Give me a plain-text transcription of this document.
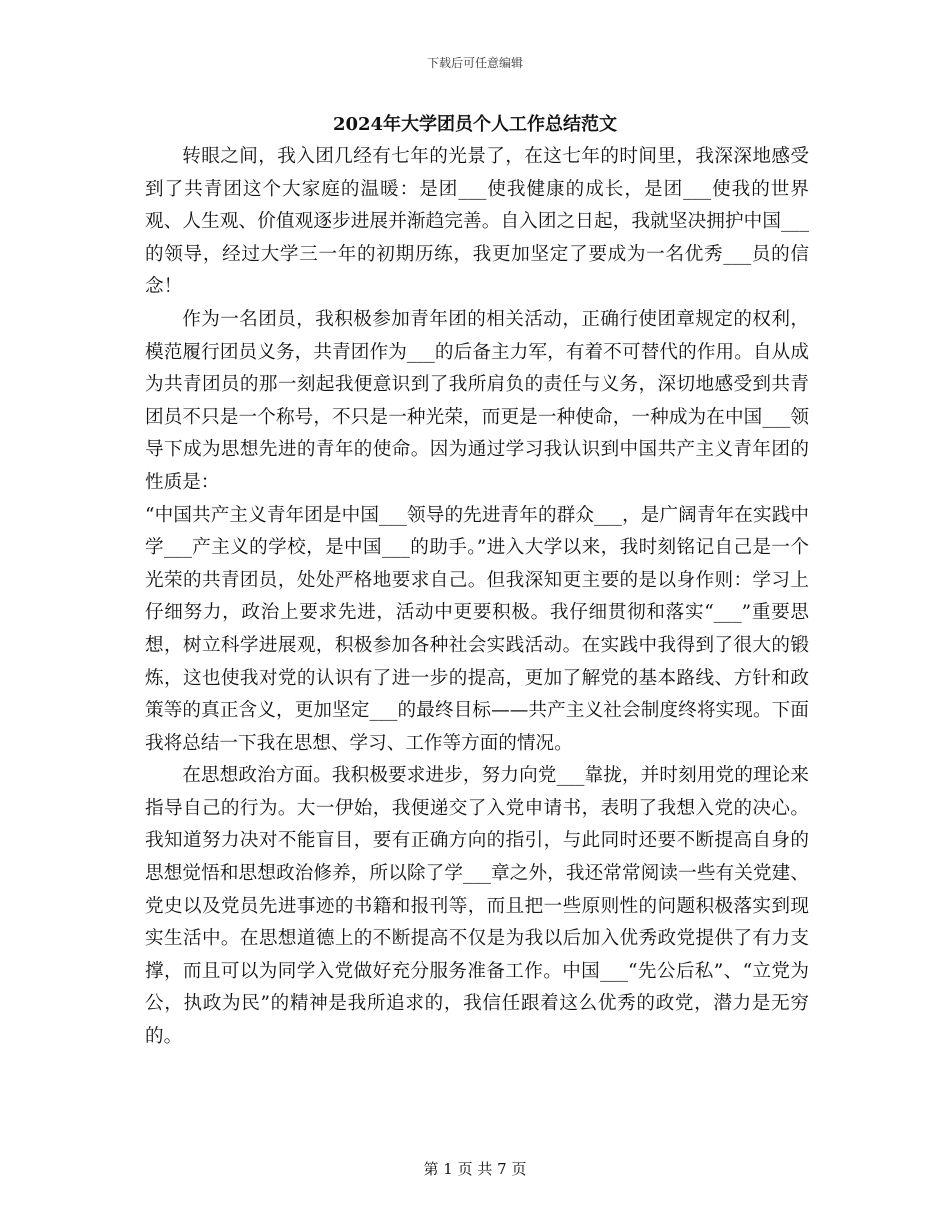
下载后可任意编辑
2024年大学团员个人工作总结范文

转眼之间，我入团几经有七年的光景了，在这七年的时间里，我深深地感受到了共青团这个大家庭的温暖：是团___使我健康的成长，是团___使我的世界观、人生观、价值观逐步进展并渐趋完善。自入团之日起，我就坚决拥护中国___的领导，经过大学三一年的初期历练，我更加坚定了要成为一名优秀___员的信念！

作为一名团员，我积极参加青年团的相关活动，正确行使团章规定的权利，模范履行团员义务，共青团作为___的后备主力军，有着不可替代的作用。自从成为共青团员的那一刻起我便意识到了我所肩负的责任与义务，深切地感受到共青团员不只是一个称号，不只是一种光荣，而更是一种使命，一种成为在中国___领导下成为思想先进的青年的使命。因为通过学习我认识到中国共产主义青年团的性质是：

“中国共产主义青年团是中国___领导的先进青年的群众___，是广阔青年在实践中学___产主义的学校，是中国___的助手。”进入大学以来，我时刻铭记自己是一个光荣的共青团员，处处严格地要求自己。但我深知更主要的是以身作则：学习上仔细努力，政治上要求先进，活动中更要积极。我仔细贯彻和落实“___”重要思想，树立科学进展观，积极参加各种社会实践活动。在实践中我得到了很大的锻炼，这也使我对党的认识有了进一步的提高，更加了解党的基本路线、方针和政策等的真正含义，更加坚定___的最终目标——共产主义社会制度终将实现。下面我将总结一下我在思想、学习、工作等方面的情况。

在思想政治方面。我积极要求进步，努力向党___靠拢，并时刻用党的理论来指导自己的行为。大一伊始，我便递交了入党申请书，表明了我想入党的决心。我知道努力决对不能盲目，要有正确方向的指引，与此同时还要不断提高自身的思想觉悟和思想政治修养，所以除了学___章之外，我还常常阅读一些有关党建、党史以及党员先进事迹的书籍和报刊等，而且把一些原则性的问题积极落实到现实生活中。在思想道德上的不断提高不仅是为我以后加入优秀政党提供了有力支撑，而且可以为同学入党做好充分服务准备工作。中国___“先公后私”、“立党为公，执政为民”的精神是我所追求的，我信任跟着这么优秀的政党，潜力是无穷的。

第 1 页 共 7 页
